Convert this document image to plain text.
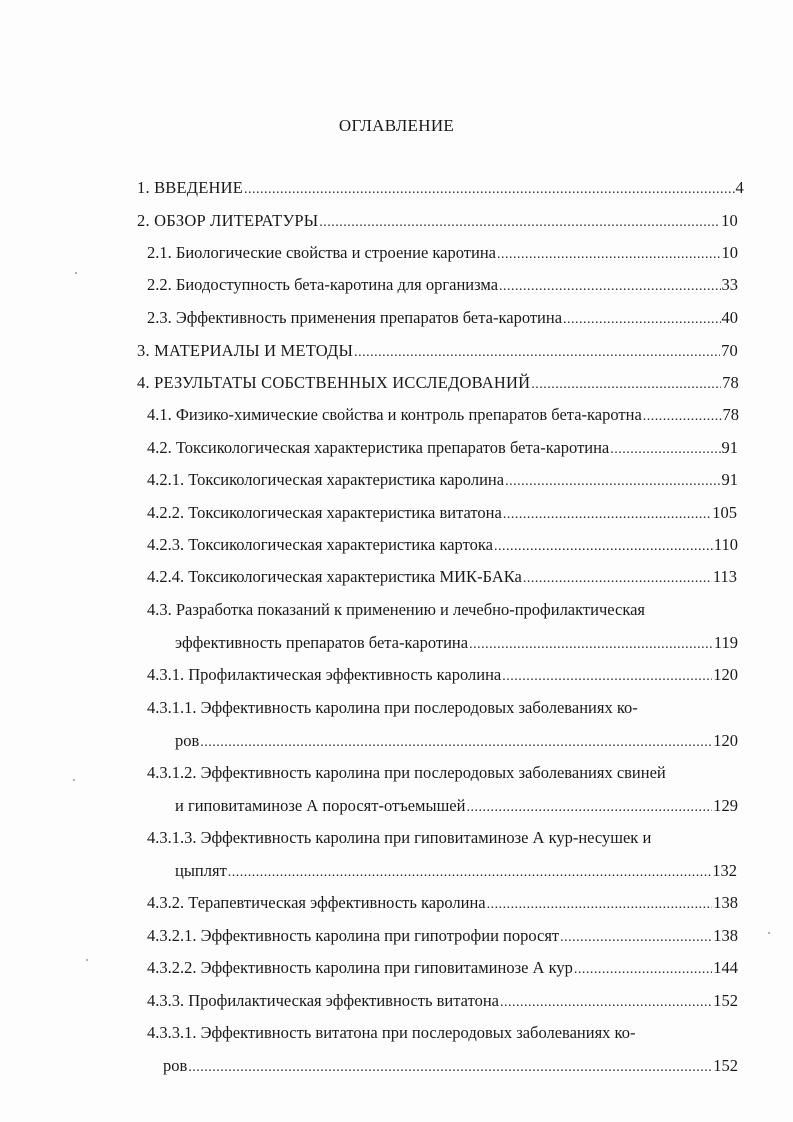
ОГЛАВЛЕНИЕ
1. ВВЕДЕНИЕ .....	4
2. ОБЗОР ЛИТЕРАТУРЫ .....	10
2.1. Биологические свойства и строение каротина .....	10
2.2. Биодоступность бета-каротина для организма .....	33
2.3. Эффективность применения препаратов бета-каротина .....	40
3. МАТЕРИАЛЫ И МЕТОДЫ .....	70
4. РЕЗУЛЬТАТЫ СОБСТВЕННЫХ ИССЛЕДОВАНИЙ .....	78
4.1. Физико-химические свойства и контроль препаратов бета-каротна .....	78
4.2. Токсикологическая характеристика препаратов бета-каротина .....	91
4.2.1. Токсикологическая характеристика каролина .....	91
4.2.2. Токсикологическая характеристика витатона .....	105
4.2.3. Токсикологическая характеристика картока .....	110
4.2.4. Токсикологическая характеристика МИК-БАКа .....	113
4.3. Разработка показаний к применению и лечебно-профилактическая
эффективность препаратов бета-каротина .....	119
4.3.1. Профилактическая эффективность каролина .....	120
4.3.1.1. Эффективность каролина при послеродовых заболеваниях ко-
ров .....	120
4.3.1.2. Эффективность каролина при послеродовых заболеваниях свиней
и гиповитаминозе А поросят-отъемышей .....	129
4.3.1.3. Эффективность каролина при гиповитаминозе А кур-несушек и
цыплят .....	132
4.3.2. Терапевтическая эффективность каролина .....	138
4.3.2.1. Эффективность каролина при гипотрофии поросят .....	138
4.3.2.2. Эффективность каролина при гиповитаминозе А кур .....	144
4.3.3. Профилактическая эффективность витатона .....	152
4.3.3.1. Эффективность витатона при послеродовых заболеваниях ко-
ров .....	152
